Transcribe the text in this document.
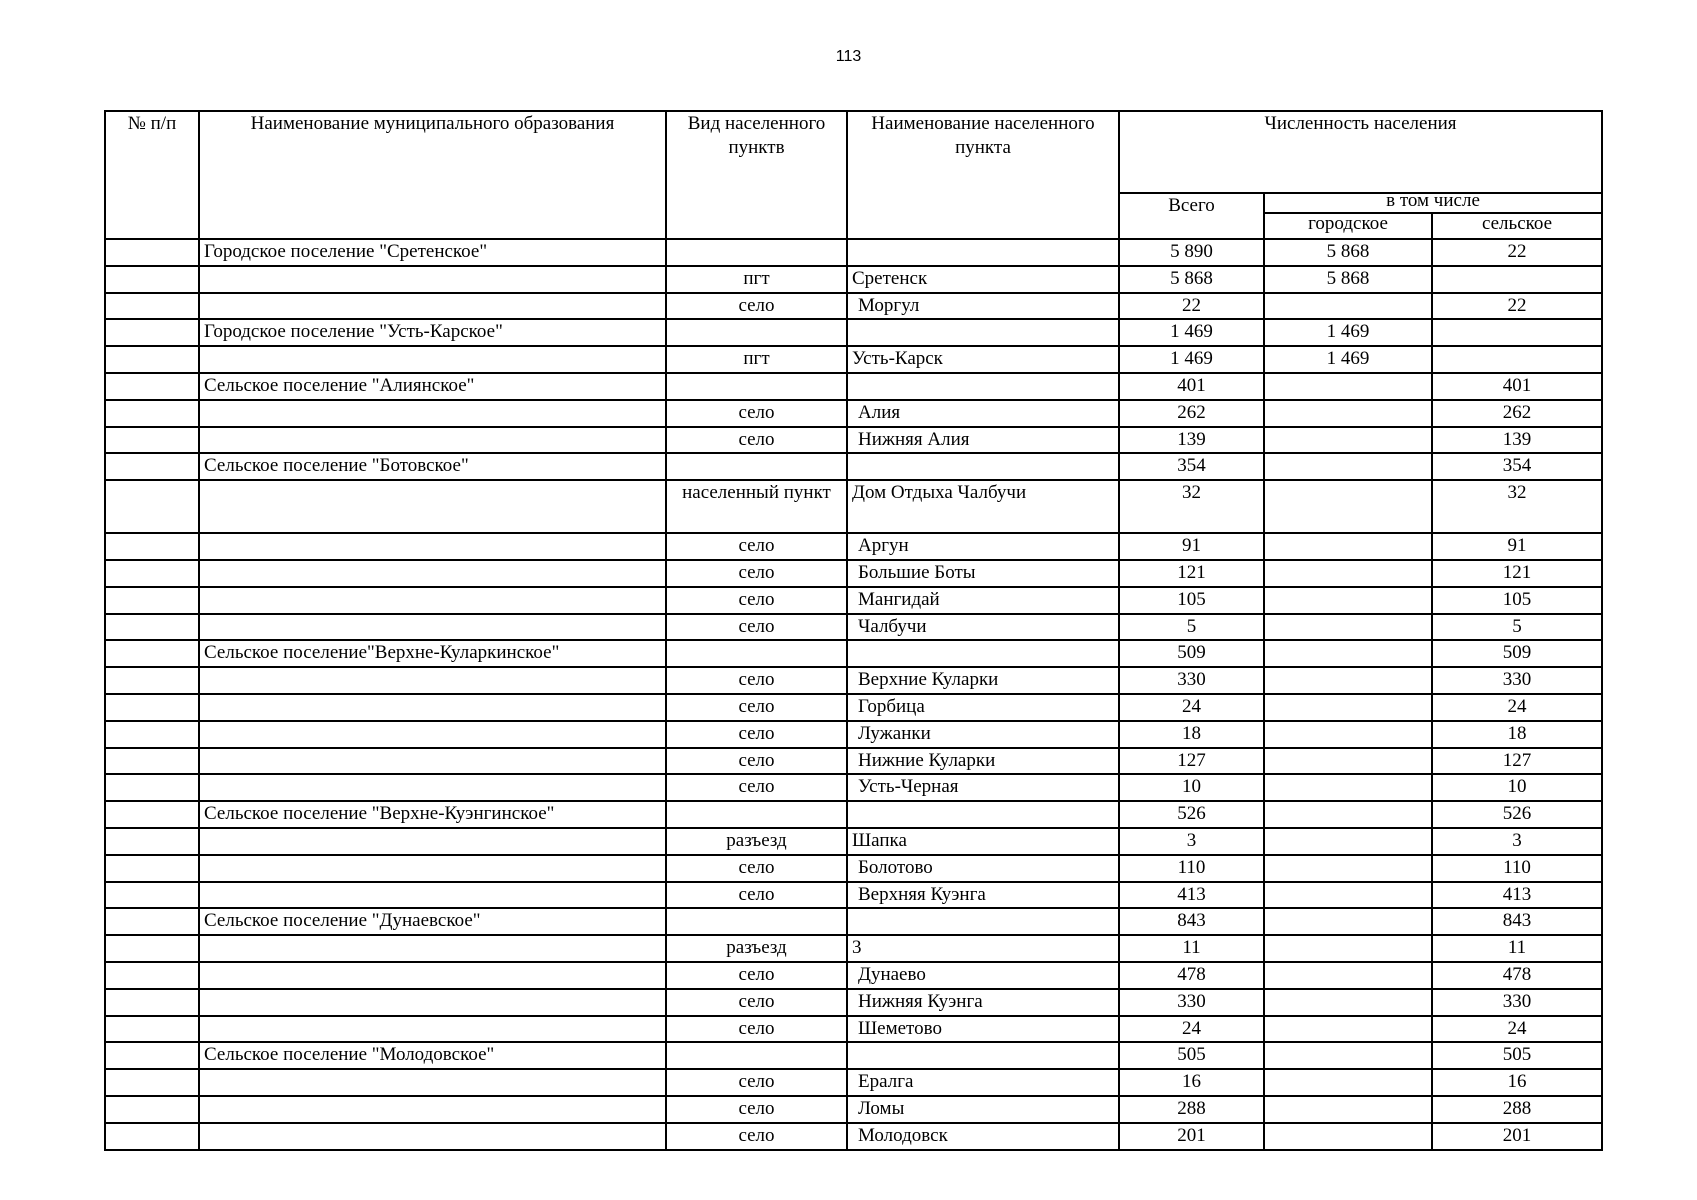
113
№ п/п	Наименование муниципального образования	Вид населенного пунктв	Наименование населенного пункта	Численность населения		
				Всего	в том числе	
					городское	сельское
	Городское поселение "Сретенское"			5 890	5 868	22
		пгт	Сретенск	5 868	5 868	
		село	Моргул	22		22
	Городское поселение "Усть-Карское"			1 469	1 469	
		пгт	Усть-Карск	1 469	1 469	
	Сельское поселение "Алиянское"			401		401
		село	Алия	262		262
		село	Нижняя Алия	139		139
	Сельское поселение "Ботовское"			354		354
		населенный пункт	Дом Отдыха Чалбучи	32		32
		село	Аргун	91		91
		село	Большие Боты	121		121
		село	Мангидай	105		105
		село	Чалбучи	5		5
	Сельское поселение"Верхне-Куларкинское"			509		509
		село	Верхние Куларки	330		330
		село	Горбица	24		24
		село	Лужанки	18		18
		село	Нижние Куларки	127		127
		село	Усть-Черная	10		10
	Сельское поселение "Верхне-Куэнгинское"			526		526
		разъезд	Шапка	3		3
		село	Болотово	110		110
		село	Верхняя Куэнга	413		413
	Сельское поселение "Дунаевское"			843		843
		разъезд	3	11		11
		село	Дунаево	478		478
		село	Нижняя Куэнга	330		330
		село	Шеметово	24		24
	Сельское поселение "Молодовское"			505		505
		село	Ералга	16		16
		село	Ломы	288		288
		село	Молодовск	201		201
